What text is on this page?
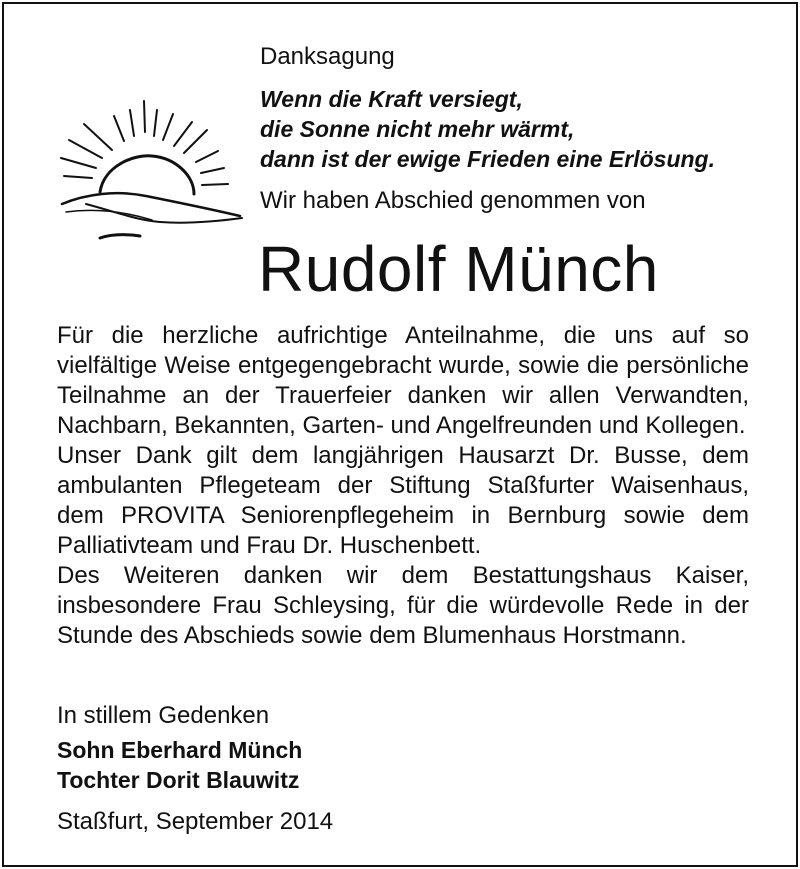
Danksagung
Wenn die Kraft versiegt,
die Sonne nicht mehr wärmt,
dann ist der ewige Frieden eine Erlösung.
Wir haben Abschied genommen von
Rudolf Münch

Für die herzliche aufrichtige Anteilnahme, die uns auf so vielfältige Weise entgegengebracht wurde, sowie die persönliche Teilnahme an der Trauerfeier danken wir allen Verwandten, Nachbarn, Bekannten, Garten- und Angelfreunden und Kollegen.

Unser Dank gilt dem langjährigen Hausarzt Dr. Busse, dem ambulanten Pflegeteam der Stiftung Staßfurter Waisenhaus, dem PROVITA Seniorenpflegeheim in Bernburg sowie dem Palliativteam und Frau Dr. Huschenbett.

Des Weiteren danken wir dem Bestattungshaus Kaiser, insbesondere Frau Schleysing, für die würdevolle Rede in der Stunde des Abschieds sowie dem Blumenhaus Horstmann.

In stillem Gedenken
Sohn Eberhard Münch
Tochter Dorit Blauwitz
Staßfurt, September 2014
